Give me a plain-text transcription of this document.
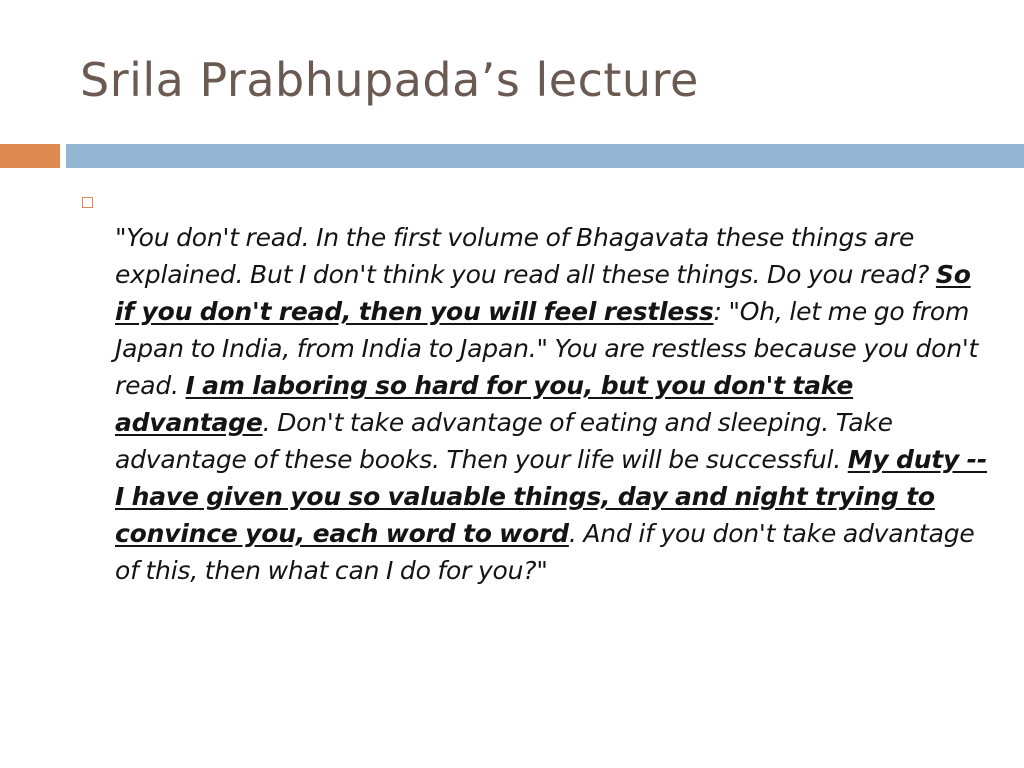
Srila Prabhupada’s lecture

"You don't read. In the first volume of Bhagavata these things are explained. But I don't think you read all these things. Do you read? So if you don't read, then you will feel restless: "Oh, let me go from Japan to India, from India to Japan." You are restless because you don't read. I am laboring so hard for you, but you don't take advantage. Don't take advantage of eating and sleeping. Take advantage of these books. Then your life will be successful. My duty -- I have given you so valuable things, day and night trying to convince you, each word to word. And if you don't take advantage of this, then what can I do for you?"
